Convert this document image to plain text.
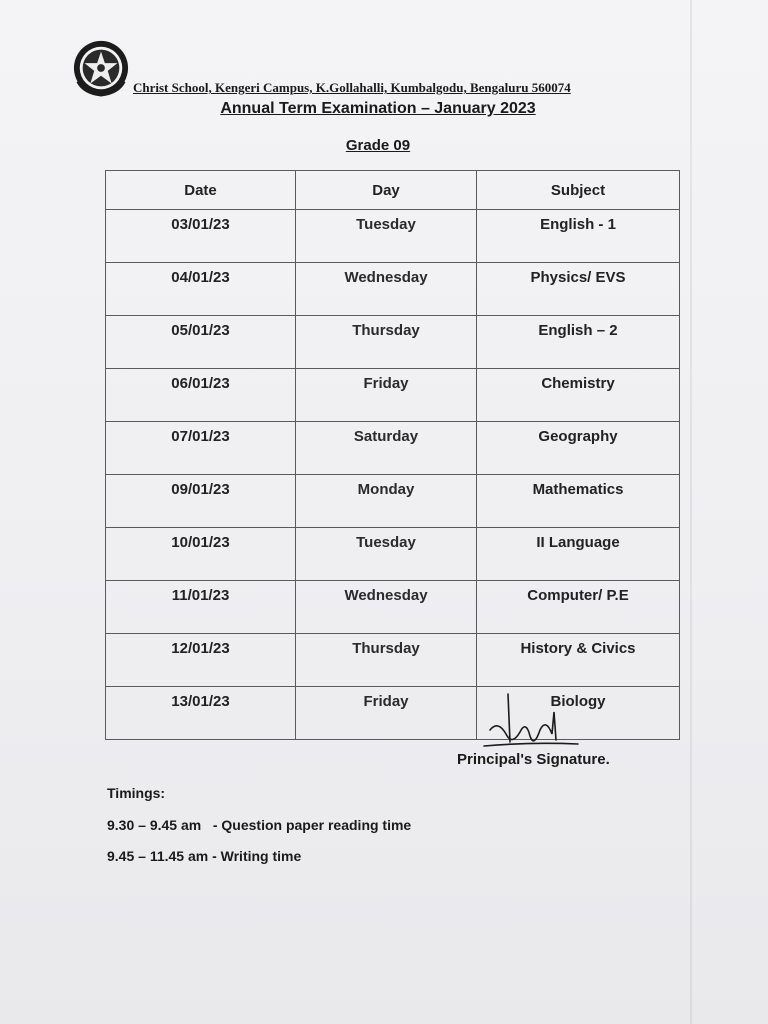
Christ School, Kengeri Campus, K.Gollahalli, Kumbalgodu, Bengaluru 560074
Annual Term Examination – January 2023
Grade 09
Date	Day	Subject
03/01/23	Tuesday	English - 1
04/01/23	Wednesday	Physics/ EVS
05/01/23	Thursday	English – 2
06/01/23	Friday	Chemistry
07/01/23	Saturday	Geography
09/01/23	Monday	Mathematics
10/01/23	Tuesday	II Language
11/01/23	Wednesday	Computer/ P.E
12/01/23	Thursday	History & Civics
13/01/23	Friday	Biology
Principal's Signature.
Timings:
9.30 – 9.45 am   - Question paper reading time
9.45 – 11.45 am - Writing time
